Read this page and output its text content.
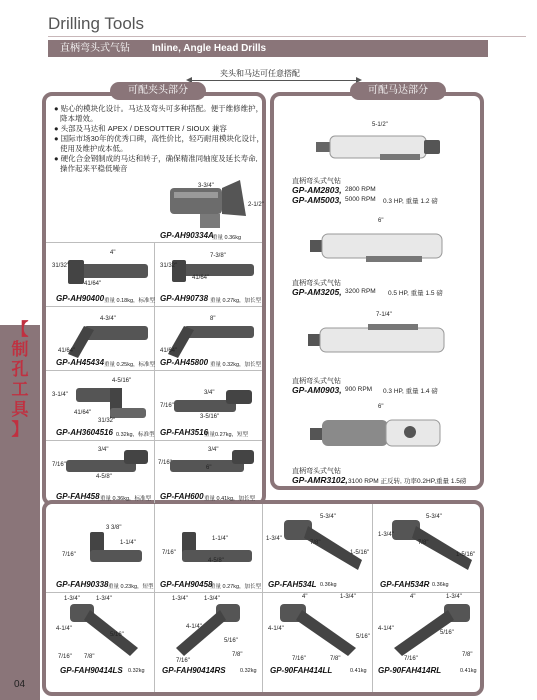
Drilling Tools
直柄弯头式气钻 Inline, Angle Head Drills
夹头和马达可任意搭配
可配夹头部分	可配马达部分
【
制
孔
工
具
】
04
● 贴心的模块化设计。马达及弯头可多种搭配。便于维修维护，降本增效。
● 头部及马达和 APEX / DESOUTTER / SIOUX 兼容
● 国际市场30年的优秀口碑，高性价比，轻巧耐用模块化设计，使用及维护成本低。
● 硬化合金钢制成的马达和转子，确保精准同轴度及延长寿命,操作起来平稳低噪音
3-3/4"
2-1/2"
GP-AH90334A
重量 0.36kg
4"
31/32"
41/64"
GP-AH90400 重量 0.18kg，标准型
7-3/8"
31/32"
41/64"
GP-AH90738 重量 0.27kg，加长型
4-3/4"
41/64"
GP-AH45434 重量 0.25kg，标准型
8"
41/64"
GP-AH45800 重量 0.32kg，加长型
4-5/16"
3-1/4"
41/64"
31/32"
GP-AH3604516 0.32kg，标准型
3/4"
7/16"
3-5/16"
GP-FAH3516
重量0.27kg，短型
3/4"
7/16"
4-5/8"
GP-FAH458 重量 0.36kg，标准型
3/4"
7/16"
6"
GP-FAH600 重量 0.41kg，加长型
5-1/2"
直柄弯头式气钻
GP-AM2803, 2800 RPM
GP-AM5003, 5000 RPM 0.3 HP, 重量 1.2 磅
6"
直柄弯头式气钻
GP-AM3205, 3200 RPM 0.5 HP, 重量 1.5 磅
7-1/4"
直柄弯头式气钻
GP-AM0903, 900 RPM 0.3 HP, 重量 1.4 磅
6"
直柄弯头式气钻
GP-AMR3102, 3100 RPM 正反转, 功率0.2HP,重量 1.5磅
3 3/8"
1-1/4"
7/16"
GP-FAH90338 重量 0.23kg，短型
1-1/4"
7/16"
4-5/8"
GP-FAH90458
重量 0.27kg，加长型
5-3/4"
1-3/4"
7/8"
1-5/16"
GP-FAH534L 0.36kg
5-3/4"
1-3/4"
7/8"
1-5/16"
GP-FAH534R 0.36kg
1-3/4"	1-3/4"
4-1/4"
5/16"
7/16" 7/8"
GP-FAH90414LS 0.32kg
1-3/4"	1-3/4"
4-1/4"
5/16"
7/16"
7/8"
GP-FAH90414RS	0.32kg
4"	1-3/4"
4-1/4"
5/16"
7/16"	7/8"
GP-90FAH414LL	0.41kg
4"	1-3/4"
4-1/4"
5/16"
7/16"
7/8"
GP-90FAH414RL	0.41kg
